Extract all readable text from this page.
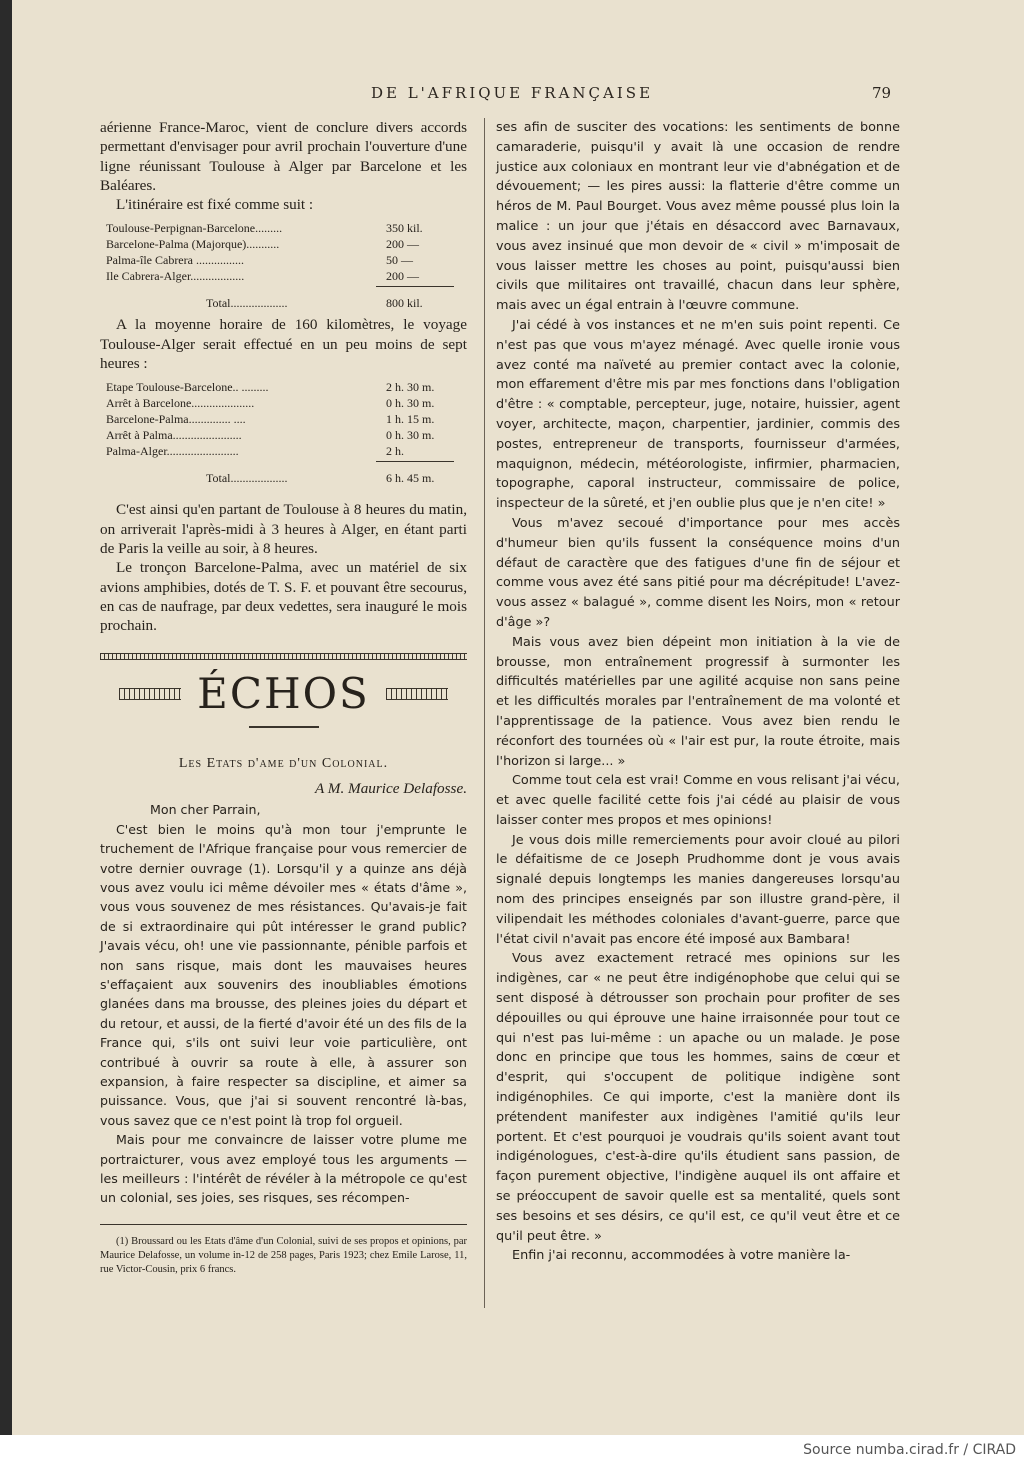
DE L'AFRIQUE FRANÇAISE	79

aérienne France-Maroc, vient de conclure divers accords permettant d'envisager pour avril prochain l'ouverture d'une ligne réunissant Toulouse à Alger par Barcelone et les Baléares.

L'itinéraire est fixé comme suit :

Toulouse-Perpignan-Barcelone.........	350 kil.
Barcelone-Palma (Majorque)...........	200 —
Palma-île Cabrera ................	50 —
Ile Cabrera-Alger..................	200 —
Total...................	800 kil.

A la moyenne horaire de 160 kilomètres, le voyage Toulouse-Alger serait effectué en un peu moins de sept heures :

Etape Toulouse-Barcelone.. .........	2 h. 30 m.
Arrêt à Barcelone.....................	0 h. 30 m.
Barcelone-Palma.............. ....	1 h. 15 m.
Arrêt à Palma.......................	0 h. 30 m.
Palma-Alger........................	2 h.
Total...................	6 h. 45 m.

C'est ainsi qu'en partant de Toulouse à 8 heures du matin, on arriverait l'après-midi à 3 heures à Alger, en étant parti de Paris la veille au soir, à 8 heures.

Le tronçon Barcelone-Palma, avec un matériel de six avions amphibies, dotés de T. S. F. et pouvant être secourus, en cas de naufrage, par deux vedettes, sera inauguré le mois prochain.

ÉCHOS
Les Etats d'ame d'un Colonial.
A M. Maurice Delafosse.
Mon cher Parrain,

C'est bien le moins qu'à mon tour j'emprunte le truchement de l'Afrique française pour vous remercier de votre dernier ouvrage (1). Lorsqu'il y a quinze ans déjà vous avez voulu ici même dévoiler mes « états d'âme », vous vous souvenez de mes résistances. Qu'avais-je fait de si extraordinaire qui pût intéresser le grand public? J'avais vécu, oh! une vie passionnante, pénible parfois et non sans risque, mais dont les mauvaises heures s'effaçaient aux souvenirs des inoubliables émotions glanées dans ma brousse, des pleines joies du départ et du retour, et aussi, de la fierté d'avoir été un des fils de la France qui, s'ils ont suivi leur voie particulière, ont contribué à ouvrir sa route à elle, à assurer son expansion, à faire respecter sa discipline, et aimer sa puissance. Vous, que j'ai si souvent rencontré là-bas, vous savez que ce n'est point là trop fol orgueil.

Mais pour me convaincre de laisser votre plume me portraicturer, vous avez employé tous les arguments — les meilleurs : l'intérêt de révéler à la métropole ce qu'est un colonial, ses joies, ses risques, ses récompen-

(1) Broussard ou les Etats d'âme d'un Colonial, suivi de ses propos et opinions, par Maurice Delafosse, un volume in-12 de 258 pages, Paris 1923; chez Emile Larose, 11, rue Victor-Cousin, prix 6 francs.

ses afin de susciter des vocations: les sentiments de bonne camaraderie, puisqu'il y avait là une occasion de rendre justice aux coloniaux en montrant leur vie d'abnégation et de dévouement; — les pires aussi: la flatterie d'être comme un héros de M. Paul Bourget. Vous avez même poussé plus loin la malice : un jour que j'étais en désaccord avec Barnavaux, vous avez insinué que mon devoir de « civil » m'imposait de vous laisser mettre les choses au point, puisqu'aussi bien civils que militaires ont travaillé, chacun dans leur sphère, mais avec un égal entrain à l'œuvre commune.

J'ai cédé à vos instances et ne m'en suis point repenti. Ce n'est pas que vous m'ayez ménagé. Avec quelle ironie vous avez conté ma naïveté au premier contact avec la colonie, mon effarement d'être mis par mes fonctions dans l'obligation d'être : « comptable, percepteur, juge, notaire, huissier, agent voyer, architecte, maçon, charpentier, jardinier, commis des postes, entrepreneur de transports, fournisseur d'armées, maquignon, médecin, météorologiste, infirmier, pharmacien, topographe, caporal instructeur, commissaire de police, inspecteur de la sûreté, et j'en oublie plus que je n'en cite! »

Vous m'avez secoué d'importance pour mes accès d'humeur bien qu'ils fussent la conséquence moins d'un défaut de caractère que des fatigues d'une fin de séjour et comme vous avez été sans pitié pour ma décrépitude! L'avez-vous assez « balagué », comme disent les Noirs, mon « retour d'âge »?

Mais vous avez bien dépeint mon initiation à la vie de brousse, mon entraînement progressif à surmonter les difficultés matérielles par une agilité acquise non sans peine et les difficultés morales par l'entraînement de ma volonté et l'apprentissage de la patience. Vous avez bien rendu le réconfort des tournées où « l'air est pur, la route étroite, mais l'horizon si large... »

Comme tout cela est vrai! Comme en vous relisant j'ai vécu, et avec quelle facilité cette fois j'ai cédé au plaisir de vous laisser conter mes propos et mes opinions!

Je vous dois mille remerciements pour avoir cloué au pilori le défaitisme de ce Joseph Prudhomme dont je vous avais signalé depuis longtemps les manies dangereuses lorsqu'au nom des principes enseignés par son illustre grand-père, il vilipendait les méthodes coloniales d'avant-guerre, parce que l'état civil n'avait pas encore été imposé aux Bambara!

Vous avez exactement retracé mes opinions sur les indigènes, car « ne peut être indigénophobe que celui qui se sent disposé à détrousser son prochain pour profiter de ses dépouilles ou qui éprouve une haine irraisonnée pour tout ce qui n'est pas lui-même : un apache ou un malade. Je pose donc en principe que tous les hommes, sains de cœur et d'esprit, qui s'occupent de politique indigène sont indigénophiles. Ce qui importe, c'est la manière dont ils prétendent manifester aux indigènes l'amitié qu'ils leur portent. Et c'est pourquoi je voudrais qu'ils soient avant tout indigénologues, c'est-à-dire qu'ils étudient sans passion, de façon purement objective, l'indigène auquel ils ont affaire et se préoccupent de savoir quelle est sa mentalité, quels sont ses besoins et ses désirs, ce qu'il est, ce qu'il veut être et ce qu'il peut être. »

Enfin j'ai reconnu, accommodées à votre manière la-

Source numba.cirad.fr / CIRAD
